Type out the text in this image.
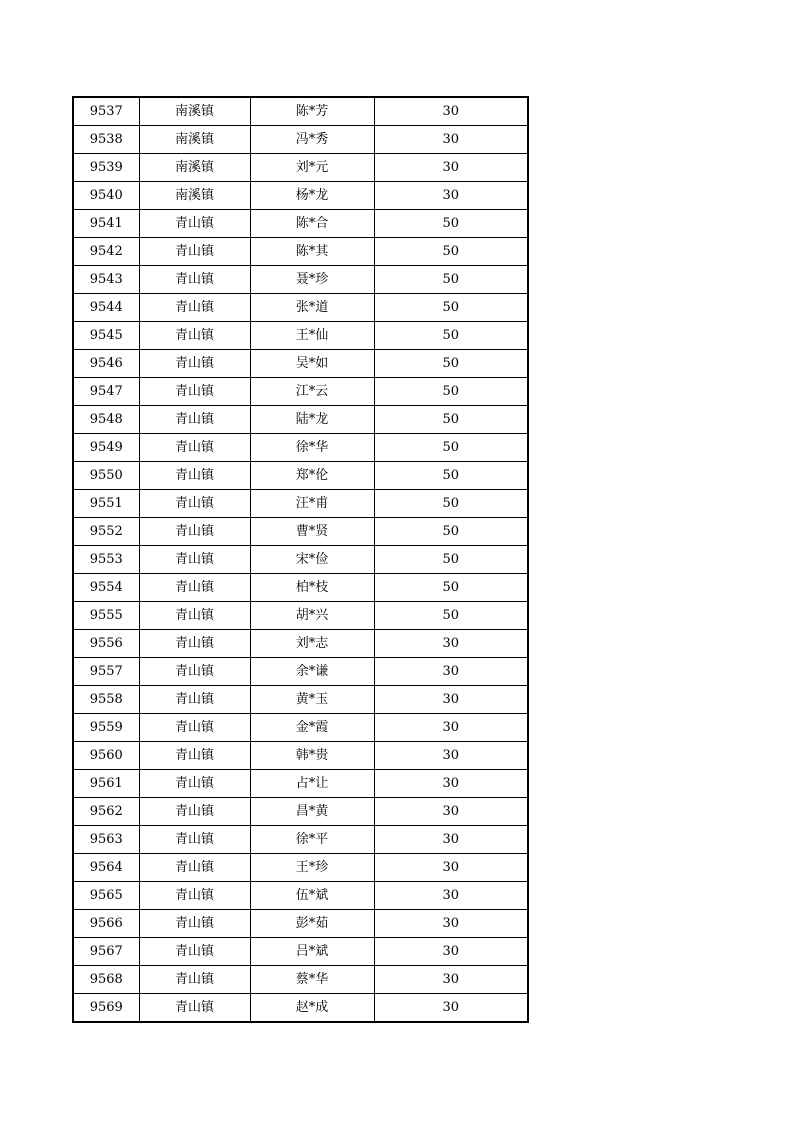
9537	南溪镇	陈*芳	30
9538	南溪镇	冯*秀	30
9539	南溪镇	刘*元	30
9540	南溪镇	杨*龙	30
9541	青山镇	陈*合	50
9542	青山镇	陈*其	50
9543	青山镇	聂*珍	50
9544	青山镇	张*道	50
9545	青山镇	王*仙	50
9546	青山镇	吴*如	50
9547	青山镇	江*云	50
9548	青山镇	陆*龙	50
9549	青山镇	徐*华	50
9550	青山镇	郑*伦	50
9551	青山镇	汪*甫	50
9552	青山镇	曹*贤	50
9553	青山镇	宋*俭	50
9554	青山镇	柏*枝	50
9555	青山镇	胡*兴	50
9556	青山镇	刘*志	30
9557	青山镇	余*谦	30
9558	青山镇	黄*玉	30
9559	青山镇	金*霞	30
9560	青山镇	韩*贵	30
9561	青山镇	占*让	30
9562	青山镇	昌*黄	30
9563	青山镇	徐*平	30
9564	青山镇	王*珍	30
9565	青山镇	伍*斌	30
9566	青山镇	彭*茹	30
9567	青山镇	吕*斌	30
9568	青山镇	蔡*华	30
9569	青山镇	赵*成	30
